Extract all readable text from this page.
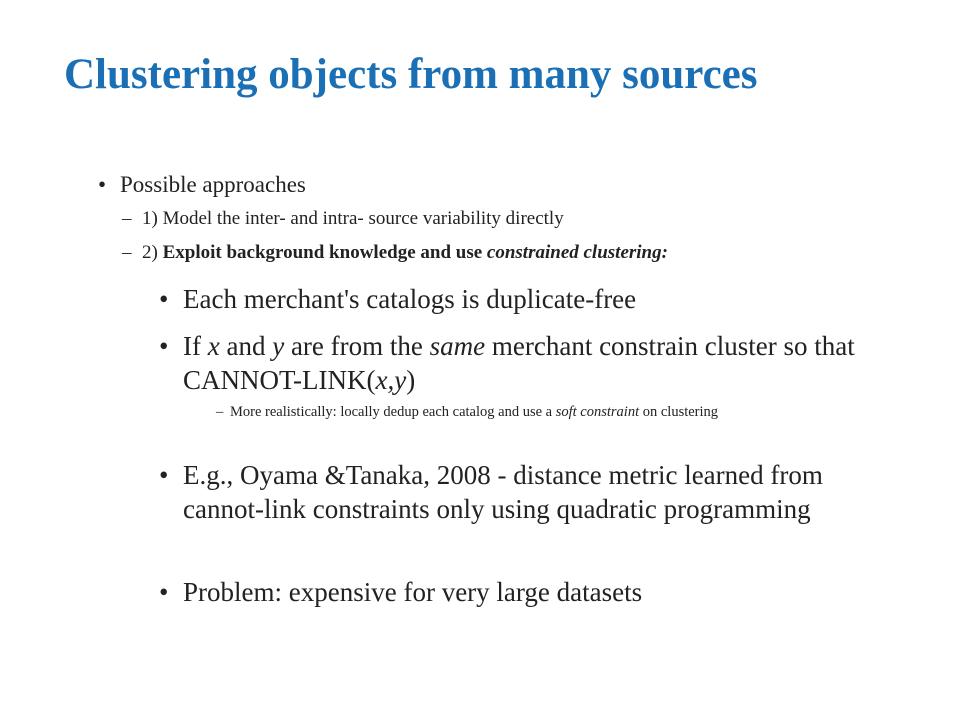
Clustering objects from many sources
• Possible approaches
– 1) Model the inter- and intra- source variability directly
– 2) Exploit background knowledge and use constrained clustering:
• Each merchant's catalogs is duplicate-free
• If x and y are from the same merchant constrain cluster so that CANNOT-LINK(x,y)
– More realistically: locally dedup each catalog and use a soft constraint on clustering
• E.g., Oyama &Tanaka, 2008 - distance metric learned from cannot-link constraints only using quadratic programming
• Problem: expensive for very large datasets
